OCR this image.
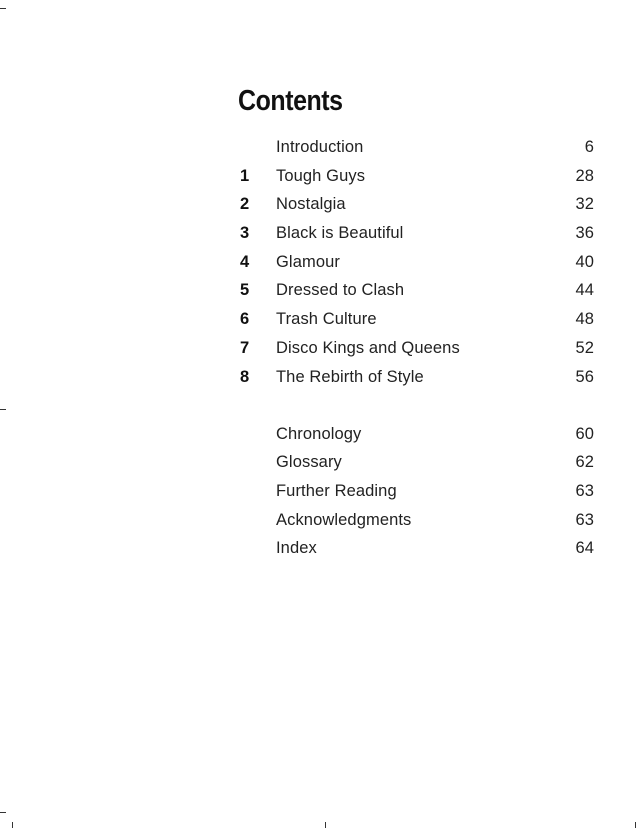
Contents
Introduction	6
1 Tough Guys	28
2 Nostalgia	32
3 Black is Beautiful	36
4 Glamour	40
5 Dressed to Clash	44
6 Trash Culture	48
7 Disco Kings and Queens	52
8 The Rebirth of Style	56
Chronology	60
Glossary	62
Further Reading	63
Acknowledgments	63
Index	64
